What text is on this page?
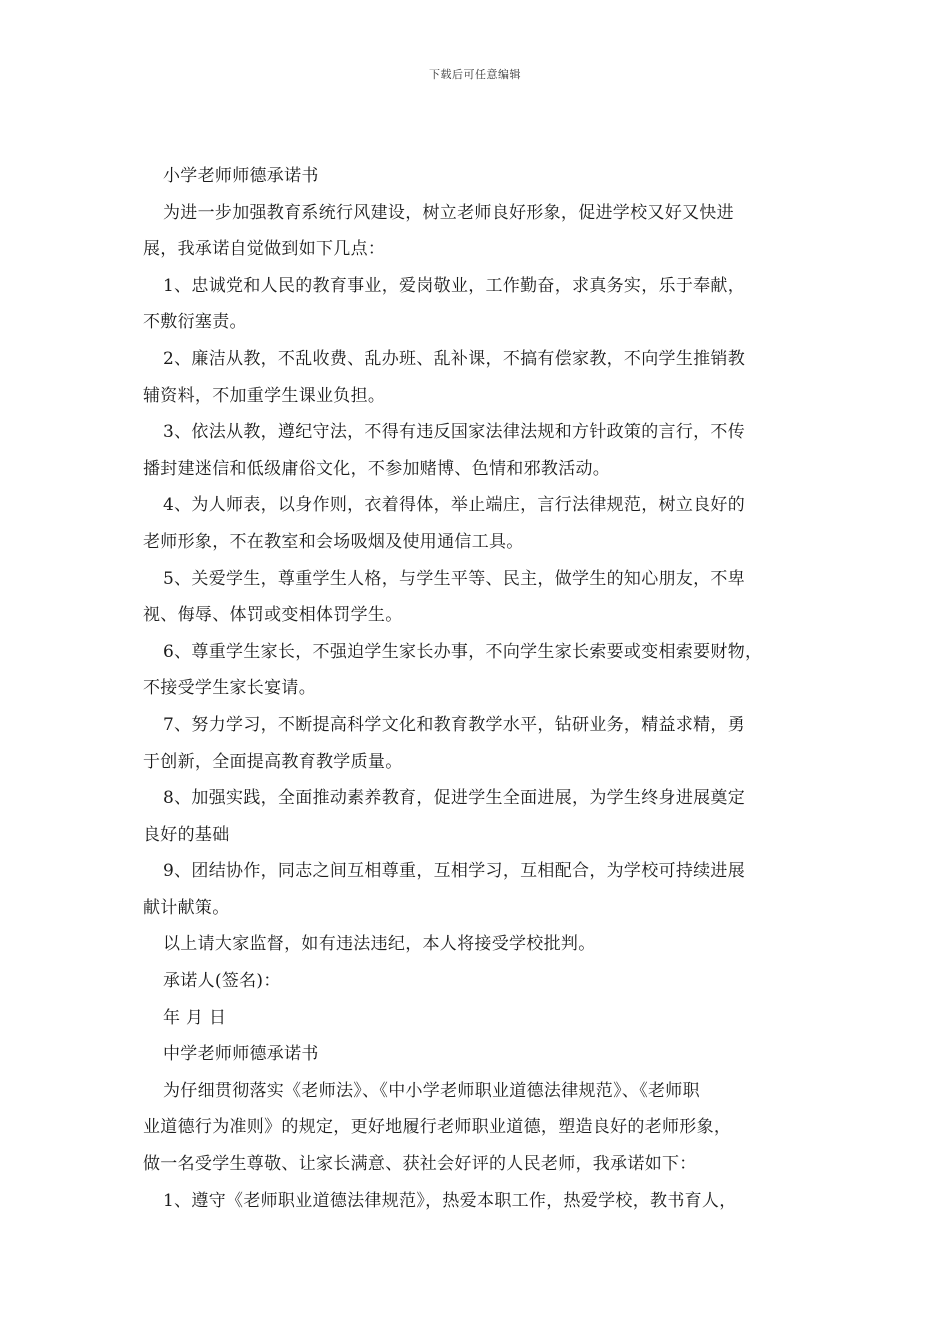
下载后可任意编辑
小学老师师德承诺书
为进一步加强教育系统行风建设，树立老师良好形象，促进学校又好又快进
展，我承诺自觉做到如下几点：
1、忠诚党和人民的教育事业，爱岗敬业，工作勤奋，求真务实，乐于奉献，
不敷衍塞责。
2、廉洁从教，不乱收费、乱办班、乱补课，不搞有偿家教，不向学生推销教
辅资料，不加重学生课业负担。
3、依法从教，遵纪守法，不得有违反国家法律法规和方针政策的言行，不传
播封建迷信和低级庸俗文化，不参加赌博、色情和邪教活动。
4、为人师表，以身作则，衣着得体，举止端庄，言行法律规范，树立良好的
老师形象，不在教室和会场吸烟及使用通信工具。
5、关爱学生，尊重学生人格，与学生平等、民主，做学生的知心朋友，不卑
视、侮辱、体罚或变相体罚学生。
6、尊重学生家长，不强迫学生家长办事，不向学生家长索要或变相索要财物，
不接受学生家长宴请。
7、努力学习，不断提高科学文化和教育教学水平，钻研业务，精益求精，勇
于创新，全面提高教育教学质量。
8、加强实践，全面推动素养教育，促进学生全面进展，为学生终身进展奠定
良好的基础
9、团结协作，同志之间互相尊重，互相学习，互相配合，为学校可持续进展
献计献策。
以上请大家监督，如有违法违纪，本人将接受学校批判。
承诺人(签名)：
年 月 日
中学老师师德承诺书
为仔细贯彻落实《老师法》、《中小学老师职业道德法律规范》、《老师职
业道德行为准则》的规定，更好地履行老师职业道德，塑造良好的老师形象，
做一名受学生尊敬、让家长满意、获社会好评的人民老师，我承诺如下：
1、遵守《老师职业道德法律规范》，热爱本职工作，热爱学校，教书育人，
